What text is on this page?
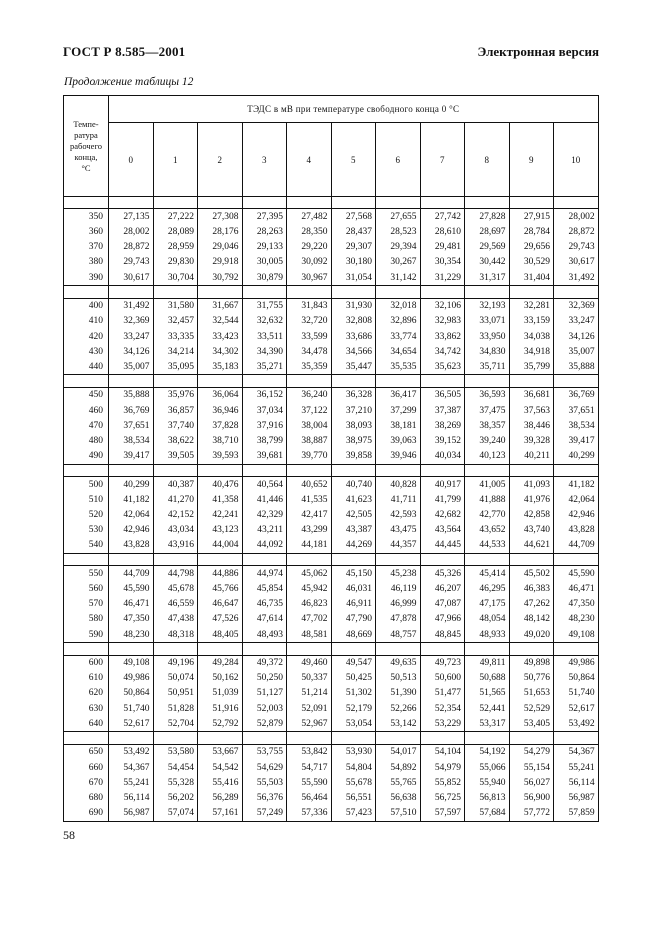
ГОСТ Р 8.585—2001	Электронная версия
Продолжение таблицы 12
Темпе-
ратура
рабочего
конца,
°С	ТЭДС в мВ при температуре свободного конца 0 °С										
	0	1	2	3	4	5	6	7	8	9	10

350	27,135	27,222	27,308	27,395	27,482	27,568	27,655	27,742	27,828	27,915	28,002
360	28,002	28,089	28,176	28,263	28,350	28,437	28,523	28,610	28,697	28,784	28,872
370	28,872	28,959	29,046	29,133	29,220	29,307	29,394	29,481	29,569	29,656	29,743
380	29,743	29,830	29,918	30,005	30,092	30,180	30,267	30,354	30,442	30,529	30,617
390	30,617	30,704	30,792	30,879	30,967	31,054	31,142	31,229	31,317	31,404	31,492

400	31,492	31,580	31,667	31,755	31,843	31,930	32,018	32,106	32,193	32,281	32,369
410	32,369	32,457	32,544	32,632	32,720	32,808	32,896	32,983	33,071	33,159	33,247
420	33,247	33,335	33,423	33,511	33,599	33,686	33,774	33,862	33,950	34,038	34,126
430	34,126	34,214	34,302	34,390	34,478	34,566	34,654	34,742	34,830	34,918	35,007
440	35,007	35,095	35,183	35,271	35,359	35,447	35,535	35,623	35,711	35,799	35,888

450	35,888	35,976	36,064	36,152	36,240	36,328	36,417	36,505	36,593	36,681	36,769
460	36,769	36,857	36,946	37,034	37,122	37,210	37,299	37,387	37,475	37,563	37,651
470	37,651	37,740	37,828	37,916	38,004	38,093	38,181	38,269	38,357	38,446	38,534
480	38,534	38,622	38,710	38,799	38,887	38,975	39,063	39,152	39,240	39,328	39,417
490	39,417	39,505	39,593	39,681	39,770	39,858	39,946	40,034	40,123	40,211	40,299

500	40,299	40,387	40,476	40,564	40,652	40,740	40,828	40,917	41,005	41,093	41,182
510	41,182	41,270	41,358	41,446	41,535	41,623	41,711	41,799	41,888	41,976	42,064
520	42,064	42,152	42,241	42,329	42,417	42,505	42,593	42,682	42,770	42,858	42,946
530	42,946	43,034	43,123	43,211	43,299	43,387	43,475	43,564	43,652	43,740	43,828
540	43,828	43,916	44,004	44,092	44,181	44,269	44,357	44,445	44,533	44,621	44,709

550	44,709	44,798	44,886	44,974	45,062	45,150	45,238	45,326	45,414	45,502	45,590
560	45,590	45,678	45,766	45,854	45,942	46,031	46,119	46,207	46,295	46,383	46,471
570	46,471	46,559	46,647	46,735	46,823	46,911	46,999	47,087	47,175	47,262	47,350
580	47,350	47,438	47,526	47,614	47,702	47,790	47,878	47,966	48,054	48,142	48,230
590	48,230	48,318	48,405	48,493	48,581	48,669	48,757	48,845	48,933	49,020	49,108

600	49,108	49,196	49,284	49,372	49,460	49,547	49,635	49,723	49,811	49,898	49,986
610	49,986	50,074	50,162	50,250	50,337	50,425	50,513	50,600	50,688	50,776	50,864
620	50,864	50,951	51,039	51,127	51,214	51,302	51,390	51,477	51,565	51,653	51,740
630	51,740	51,828	51,916	52,003	52,091	52,179	52,266	52,354	52,441	52,529	52,617
640	52,617	52,704	52,792	52,879	52,967	53,054	53,142	53,229	53,317	53,405	53,492

650	53,492	53,580	53,667	53,755	53,842	53,930	54,017	54,104	54,192	54,279	54,367
660	54,367	54,454	54,542	54,629	54,717	54,804	54,892	54,979	55,066	55,154	55,241
670	55,241	55,328	55,416	55,503	55,590	55,678	55,765	55,852	55,940	56,027	56,114
680	56,114	56,202	56,289	56,376	56,464	56,551	56,638	56,725	56,813	56,900	56,987
690	56,987	57,074	57,161	57,249	57,336	57,423	57,510	57,597	57,684	57,772	57,859
58
